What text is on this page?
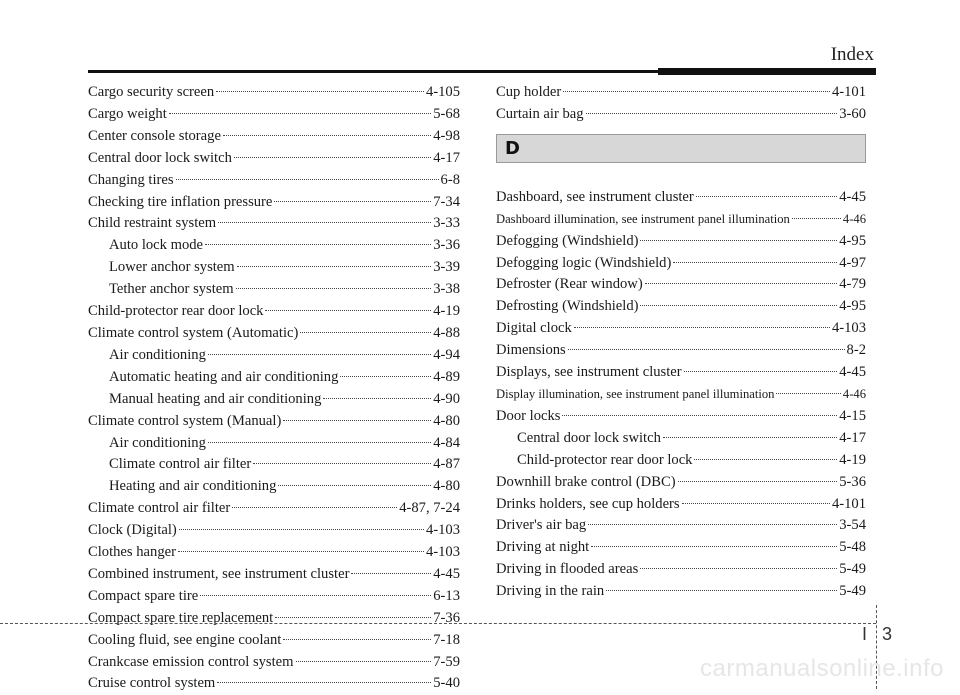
Index
Cargo security screen	4-105
Cargo weight	5-68
Center console storage	4-98
Central door lock switch	4-17
Changing tires	6-8
Checking tire inflation pressure	7-34
Child restraint system	3-33
Auto lock mode	3-36
Lower anchor system	3-39
Tether anchor system	3-38
Child-protector rear door lock	4-19
Climate control system (Automatic)	4-88
Air conditioning	4-94
Automatic heating and air conditioning	4-89
Manual heating and air conditioning	4-90
Climate control system (Manual)	4-80
Air conditioning	4-84
Climate control air filter	4-87
Heating and air conditioning	4-80
Climate control air filter	4-87, 7-24
Clock (Digital)	4-103
Clothes hanger	4-103
Combined instrument, see instrument cluster	4-45
Compact spare tire	6-13
Compact spare tire replacement	7-36
Cooling fluid, see engine coolant	7-18
Crankcase emission control system	7-59
Cruise control system	5-40
Cup holder	4-101
Curtain air bag	3-60
D
Dashboard, see instrument cluster	4-45
Dashboard illumination, see instrument panel illumination	4-46
Defogging (Windshield)	4-95
Defogging logic (Windshield)	4-97
Defroster (Rear window)	4-79
Defrosting (Windshield)	4-95
Digital clock	4-103
Dimensions	8-2
Displays, see instrument cluster	4-45
Display illumination, see instrument panel illumination	4-46
Door locks	4-15
Central door lock switch	4-17
Child-protector rear door lock	4-19
Downhill brake control (DBC)	5-36
Drinks holders, see cup holders	4-101
Driver's air bag	3-54
Driving at night	5-48
Driving in flooded areas	5-49
Driving in the rain	5-49
I 3
carmanualsonline.info
